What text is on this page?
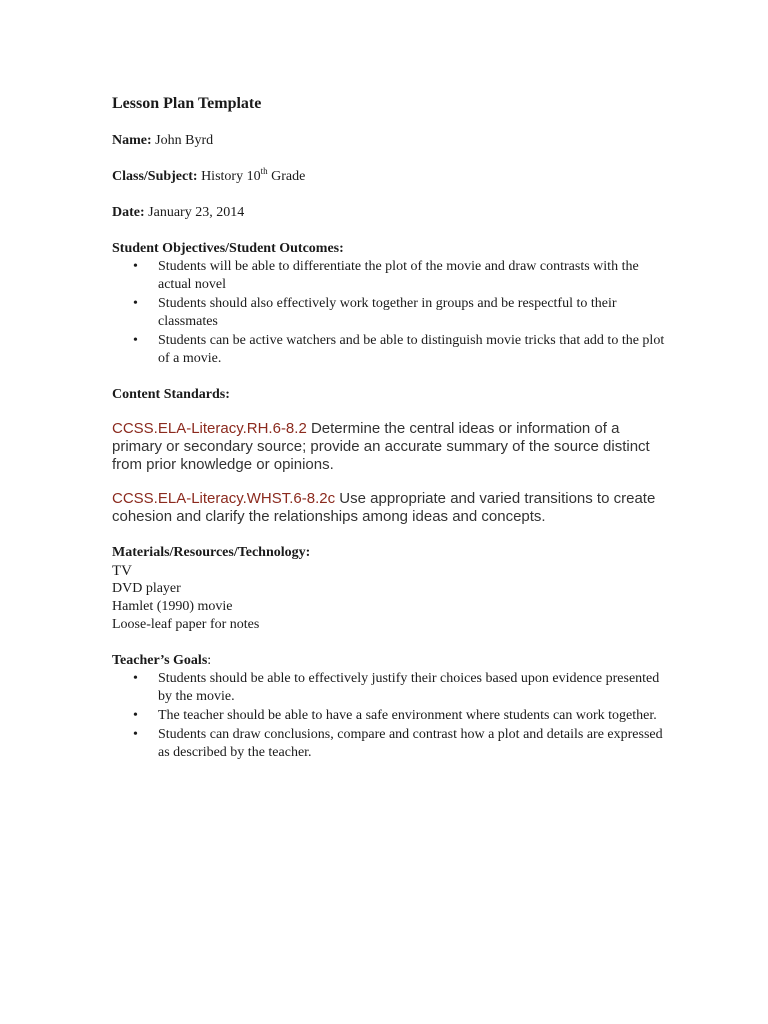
Lesson Plan Template
Name: John Byrd
Class/Subject: History 10th Grade
Date: January 23, 2014
Student Objectives/Student Outcomes:
• Students will be able to differentiate the plot of the movie and draw contrasts with the actual novel
• Students should also effectively work together in groups and be respectful to their classmates
• Students can be active watchers and be able to distinguish movie tricks that add to the plot of a movie.
Content Standards:
CCSS.ELA-Literacy.RH.6-8.2 Determine the central ideas or information of a primary or secondary source; provide an accurate summary of the source distinct from prior knowledge or opinions.
CCSS.ELA-Literacy.WHST.6-8.2c Use appropriate and varied transitions to create cohesion and clarify the relationships among ideas and concepts.
Materials/Resources/Technology:
TV
DVD player
Hamlet (1990) movie
Loose-leaf paper for notes
Teacher’s Goals:
• Students should be able to effectively justify their choices based upon evidence presented by the movie.
• The teacher should be able to have a safe environment where students can work together.
• Students can draw conclusions, compare and contrast how a plot and details are expressed as described by the teacher.
